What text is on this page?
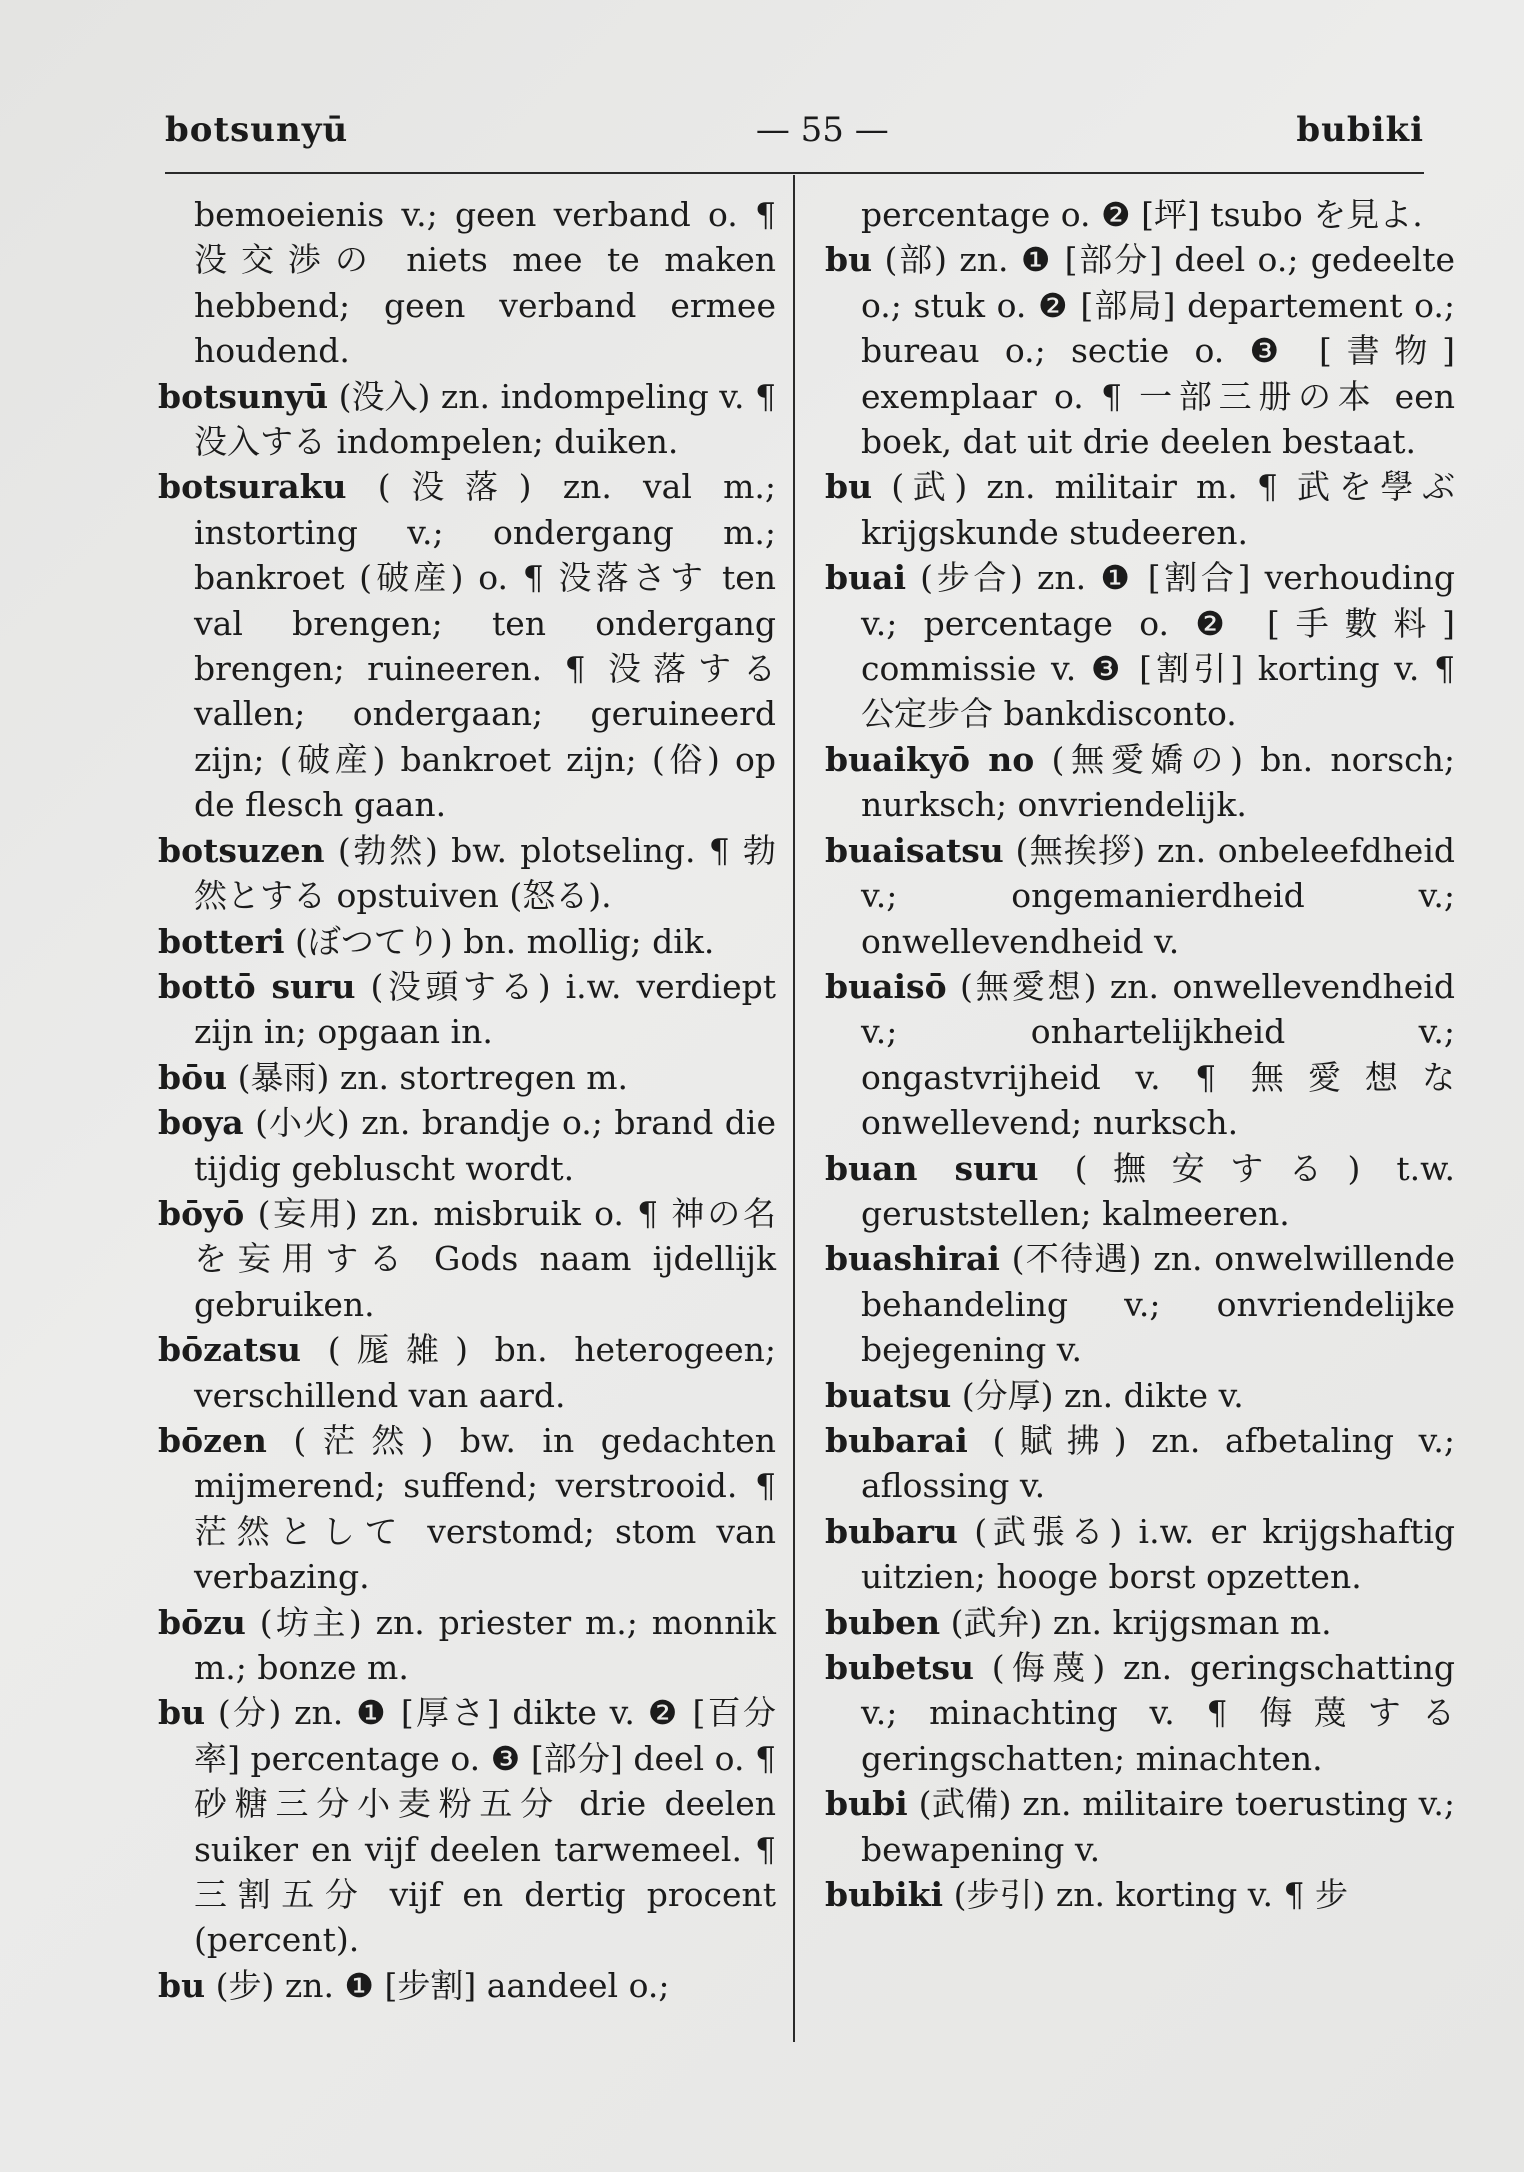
botsunyū	— 55 —	bubiki
bemoeienis v.; geen verband o. ¶ 没交渉の niets mee te maken hebbend; geen verband ermee houdend.
botsunyū (没入) zn. indompeling v. ¶ 没入する indompelen; duiken.
botsuraku (没落) zn. val m.; instorting v.; ondergang m.; bankroet (破産) o. ¶ 没落さす ten val brengen; ten ondergang brengen; ruineeren. ¶ 没落する vallen; ondergaan; geruineerd zijn; (破産) bankroet zijn; (俗) op de flesch gaan.
botsuzen (勃然) bw. plotseling. ¶ 勃然とする opstuiven (怒る).
botteri (ぼつてり) bn. mollig; dik.
bottō suru (没頭する) i.w. verdiept zijn in; opgaan in.
bōu (暴雨) zn. stortregen m.
boya (小火) zn. brandje o.; brand die tijdig gebluscht wordt.
bōyō (妄用) zn. misbruik o. ¶ 神の名を妄用する Gods naam ijdellijk gebruiken.
bōzatsu (厖雑) bn. heterogeen; verschillend van aard.
bōzen (茫然) bw. in gedachten mijmerend; suffend; verstrooid. ¶ 茫然として verstomd; stom van verbazing.
bōzu (坊主) zn. priester m.; monnik m.; bonze m.
bu (分) zn. ❶ [厚さ] dikte v. ❷ [百分率] percentage o. ❸ [部分] deel o. ¶ 砂糖三分小麦粉五分 drie deelen suiker en vijf deelen tarwemeel. ¶ 三割五分 vijf en dertig procent (percent).
bu (步) zn. ❶ [步割] aandeel o.;
percentage o. ❷ [坪] tsubo を見よ.
bu (部) zn. ❶ [部分] deel o.; gedeelte o.; stuk o. ❷ [部局] departement o.; bureau o.; sectie o. ❸ [書物] exemplaar o. ¶ 一部三册の本 een boek, dat uit drie deelen bestaat.
bu (武) zn. militair m. ¶ 武を學ぶ krijgskunde studeeren.
buai (步合) zn. ❶ [割合] verhouding v.; percentage o. ❷ [手數料] commissie v. ❸ [割引] korting v. ¶ 公定步合 bankdisconto.
buaikyō no (無愛嬌の) bn. norsch; nurksch; onvriendelijk.
buaisatsu (無挨拶) zn. onbeleefdheid v.; ongemanierdheid v.; onwellevendheid v.
buaisō (無愛想) zn. onwellevendheid v.; onhartelijkheid v.; ongastvrijheid v. ¶ 無愛想な onwellevend; nurksch.
buan suru (撫安する) t.w. geruststellen; kalmeeren.
buashirai (不待遇) zn. onwelwillende behandeling v.; onvriendelijke bejegening v.
buatsu (分厚) zn. dikte v.
bubarai (賦拂) zn. afbetaling v.; aflossing v.
bubaru (武張る) i.w. er krijgshaftig uitzien; hooge borst opzetten.
buben (武弁) zn. krijgsman m.
bubetsu (侮蔑) zn. geringschatting v.; minachting v. ¶ 侮蔑する geringschatten; minachten.
bubi (武備) zn. militaire toerusting v.; bewapening v.
bubiki (步引) zn. korting v. ¶ 步
